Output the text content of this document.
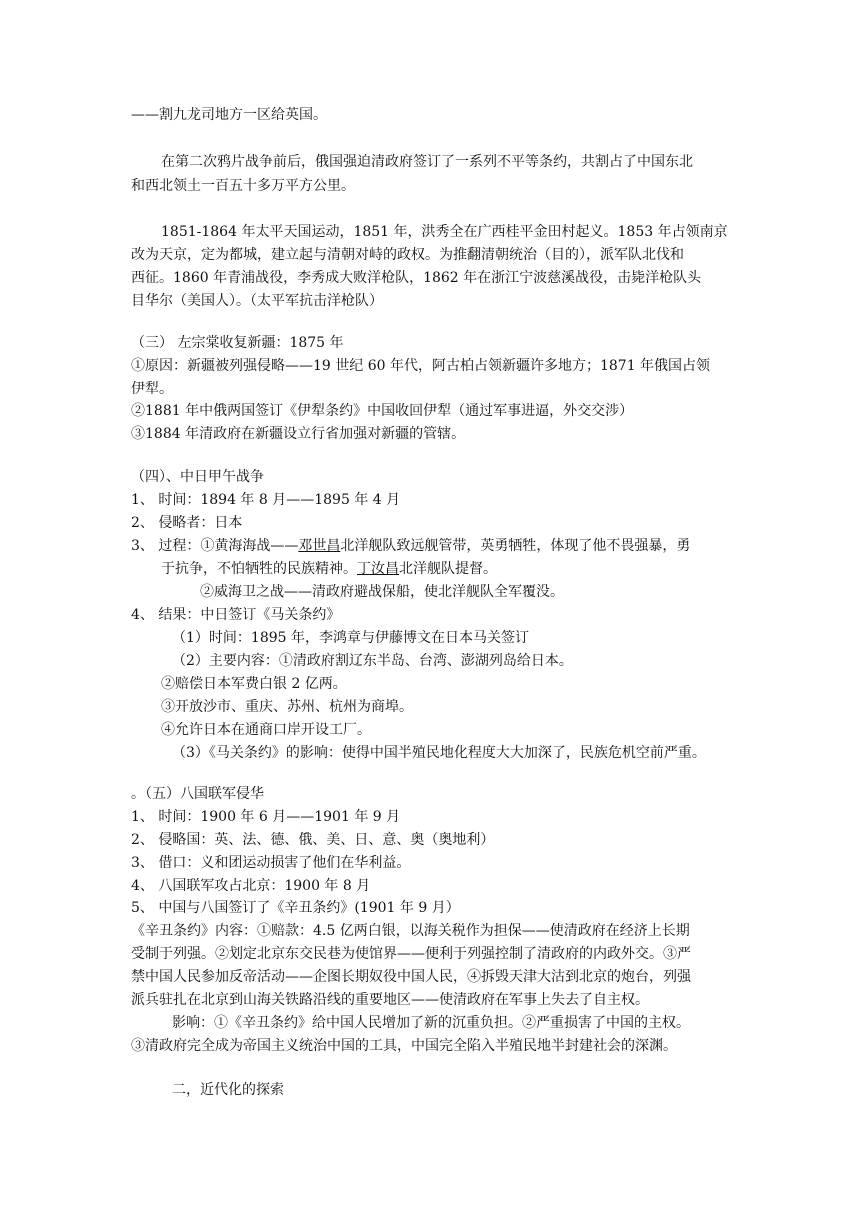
——割九龙司地方一区给英国。
在第二次鸦片战争前后，俄国强迫清政府签订了一系列不平等条约，共割占了中国东北
和西北领土一百五十多万平方公里。
1851-1864 年太平天国运动，1851 年，洪秀全在广西桂平金田村起义。1853 年占领南京
改为天京，定为都城，建立起与清朝对峙的政权。为推翻清朝统治（目的），派军队北伐和
西征。1860 年青浦战役，李秀成大败洋枪队，1862 年在浙江宁波慈溪战役，击毙洋枪队头
目华尔（美国人）。（太平军抗击洋枪队）
（三） 左宗棠收复新疆：1875 年
①原因：新疆被列强侵略——19 世纪 60 年代，阿古柏占领新疆许多地方；1871 年俄国占领
伊犁。
②1881 年中俄两国签订《伊犁条约》中国收回伊犁（通过军事进逼，外交交涉）
③1884 年清政府在新疆设立行省加强对新疆的管辖。
（四）、中日甲午战争
1、 时间：1894 年 8 月——1895 年 4 月
2、 侵略者：日本
3、 过程：①黄海海战——邓世昌北洋舰队致远舰管带，英勇牺牲，体现了他不畏强暴，勇
于抗争，不怕牺牲的民族精神。丁汝昌北洋舰队提督。
②威海卫之战——清政府避战保船，使北洋舰队全军覆没。
4、 结果：中日签订《马关条约》
（1）时间：1895 年，李鸿章与伊藤博文在日本马关签订
（2）主要内容：①清政府割辽东半岛、台湾、澎湖列岛给日本。
②赔偿日本军费白银 2 亿两。
③开放沙市、重庆、苏州、杭州为商埠。
④允许日本在通商口岸开设工厂。
（3）《马关条约》的影响：使得中国半殖民地化程度大大加深了，民族危机空前严重。
。（五）八国联军侵华
1、 时间：1900 年 6 月——1901 年 9 月
2、 侵略国：英、法、德、俄、美、日、意、奥（奥地利）
3、 借口：义和团运动损害了他们在华利益。
4、 八国联军攻占北京：1900 年 8 月
5、 中国与八国签订了《辛丑条约》(1901 年 9 月）
《辛丑条约》内容：①赔款：4.5 亿两白银，以海关税作为担保——使清政府在经济上长期
受制于列强。②划定北京东交民巷为使馆界——便利于列强控制了清政府的内政外交。③严
禁中国人民参加反帝活动——企图长期奴役中国人民，④拆毁天津大沽到北京的炮台，列强
派兵驻扎在北京到山海关铁路沿线的重要地区——使清政府在军事上失去了自主权。
影响：①《辛丑条约》给中国人民增加了新的沉重负担。②严重损害了中国的主权。
③清政府完全成为帝国主义统治中国的工具，中国完全陷入半殖民地半封建社会的深渊。
二，近代化的探索
